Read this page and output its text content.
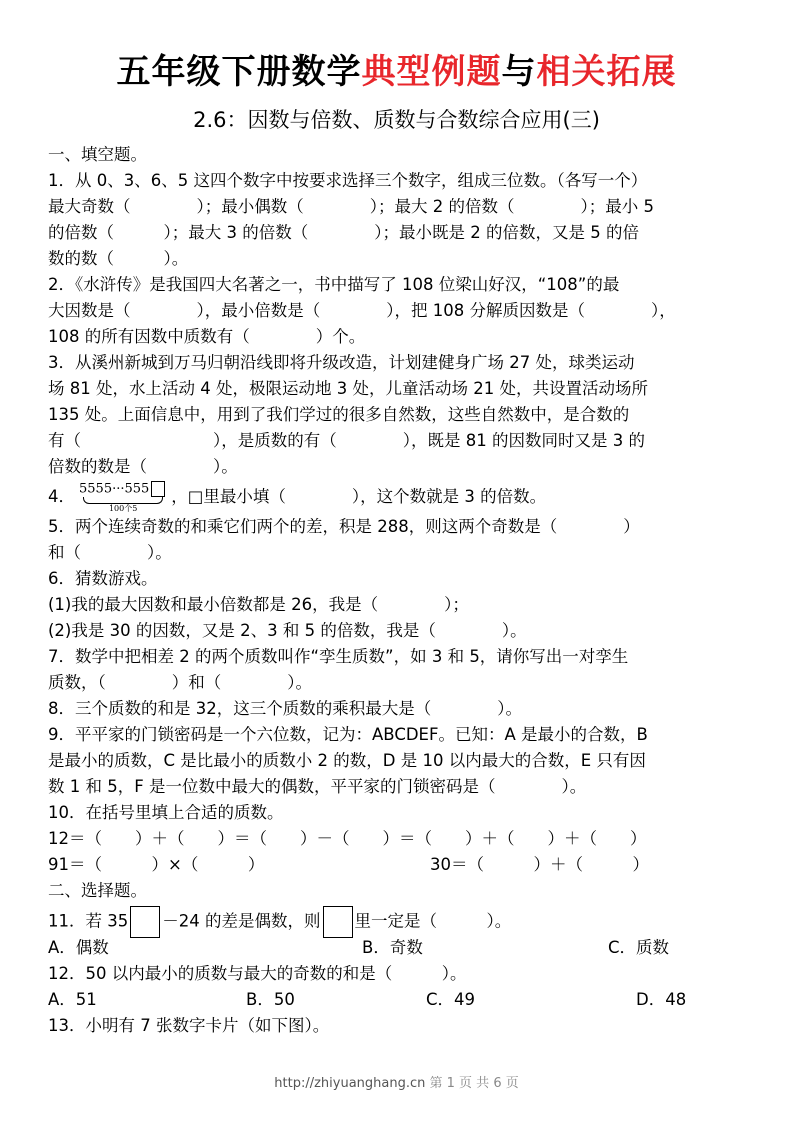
五年级下册数学典型例题与相关拓展
2.6：因数与倍数、质数与合数综合应用(三)
一、填空题。
1．从 0、3、6、5 这四个数字中按要求选择三个数字，组成三位数。（各写一个）
最大奇数（　　　　）；最小偶数（　　　　）；最大 2 的倍数（　　　　）；最小 5
的倍数（　　　）；最大 3 的倍数（　　　　）；最小既是 2 的倍数，又是 5 的倍
数的数（　　　）。
2．《水浒传》是我国四大名著之一，书中描写了 108 位梁山好汉，“108”的最
大因数是（　　　　），最小倍数是（　　　　），把 108 分解质因数是（　　　　），
108 的所有因数中质数有（　　　　）个。
3．从溪州新城到万马归朝沿线即将升级改造，计划建健身广场 27 处，球类运动
场 81 处，水上活动 4 处，极限运动地 3 处，儿童活动场 21 处，共设置活动场所
135 处。上面信息中，用到了我们学过的很多自然数，这些自然数中，是合数的
有（　　　　　　　　），是质数的有（　　　　），既是 81 的因数同时又是 3 的
倍数的数是（　　　　）。
4． 5555···555
100个5
，□里最小填（　　　　），这个数就是 3 的倍数。
5．两个连续奇数的和乘它们两个的差，积是 288，则这两个奇数是（　　　　）
和（　　　　）。
6．猜数游戏。
(1)我的最大因数和最小倍数都是 26，我是（　　　　）；
(2)我是 30 的因数，又是 2、3 和 5 的倍数，我是（　　　　）。
7．数学中把相差 2 的两个质数叫作“孪生质数”，如 3 和 5，请你写出一对孪生
质数，（　　　　）和（　　　　）。
8．三个质数的和是 32，这三个质数的乘积最大是（　　　　）。
9．平平家的门锁密码是一个六位数，记为：ABCDEF。已知：A 是最小的合数，B
是最小的质数，C 是比最小的质数小 2 的数，D 是 10 以内最大的合数，E 只有因
数 1 和 5，F 是一位数中最大的偶数，平平家的门锁密码是（　　　　）。
10．在括号里填上合适的质数。
12＝（　　）＋（　　）＝（　　）－（　　）＝（　　）＋（　　）＋（　　）
91＝（　　　）×（　　　）	30＝（　　　）＋（　　　）
二、选择题。
11．若 35 －24 的差是偶数，则 里一定是（　　　）。
A．偶数	B．奇数	C．质数
12．50 以内最小的质数与最大的奇数的和是（　　　）。
A．51	B．50	C．49	D．48
13．小明有 7 张数字卡片（如下图）。
http://zhiyuanghang.cn 第 1 页 共 6 页
